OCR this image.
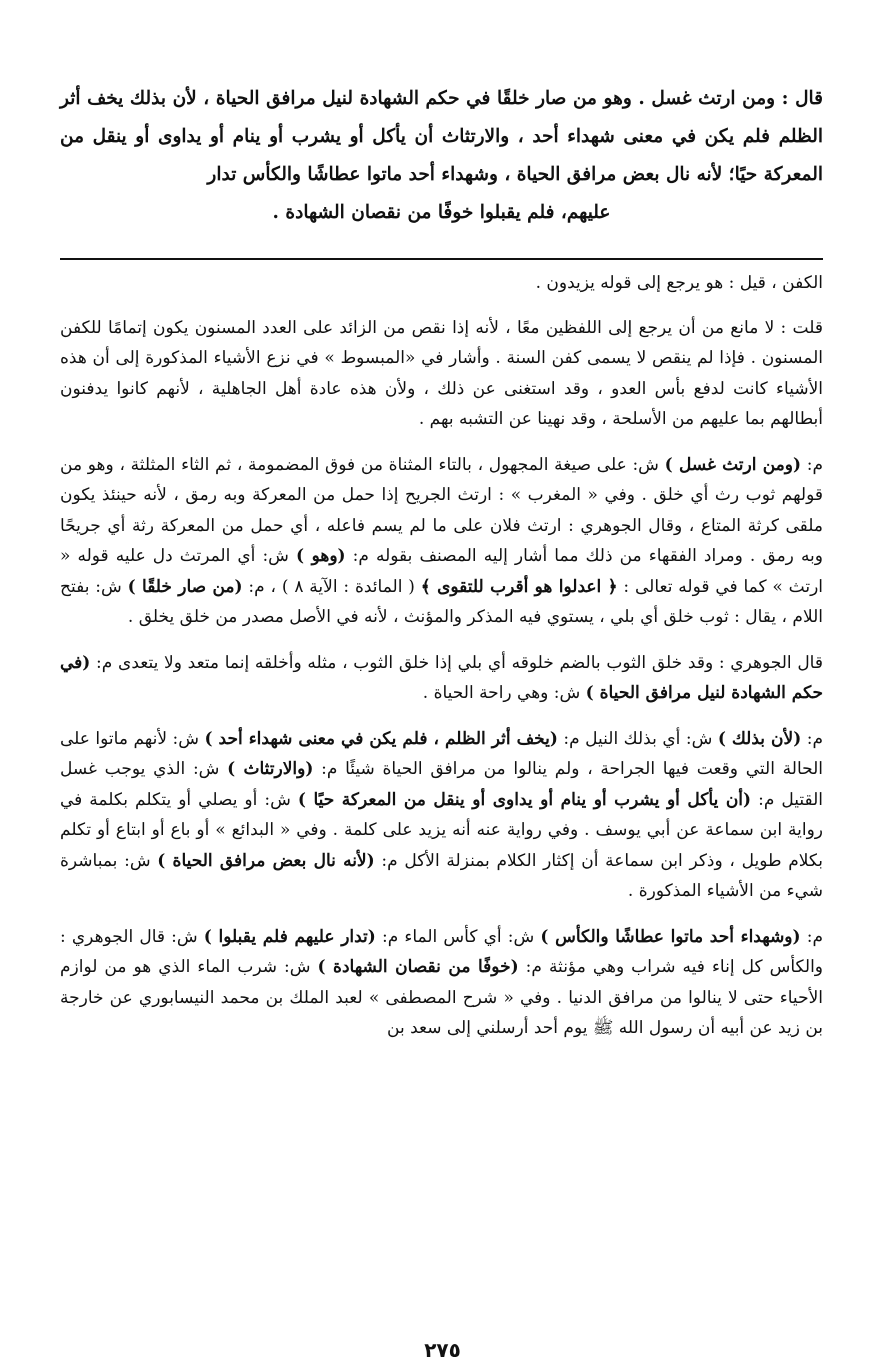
قال : ومن ارتث غسل . وهو من صار خلقًا في حكم الشهادة لنيل مرافق الحياة ، لأن بذلك يخف أثر الظلم فلم يكن في معنى شهداء أحد ، والارتثاث أن يأكل أو يشرب أو ينام أو يداوى أو ينقل من المعركة حيًا؛ لأنه نال بعض مرافق الحياة ، وشهداء أحد ماتوا عطاشًا والكأس تدار
عليهم، فلم يقبلوا خوفًا من نقصان الشهادة .

الكفن ، قيل : هو يرجع إلى قوله يزيدون .

قلت : لا مانع من أن يرجع إلى اللفظين معًا ، لأنه إذا نقص من الزائد على العدد المسنون يكون إتمامًا للكفن المسنون . فإذا لم ينقص لا يسمى كفن السنة . وأشار في «المبسوط » في نزع الأشياء المذكورة إلى أن هذه الأشياء كانت لدفع بأس العدو ، وقد استغنى عن ذلك ، ولأن هذه عادة أهل الجاهلية ، لأنهم كانوا يدفنون أبطالهم بما عليهم من الأسلحة ، وقد نهينا عن التشبه بهم .

م: (ومن ارتث غسل ) ش: على صيغة المجهول ، بالتاء المثناة من فوق المضمومة ، ثم الثاء المثلثة ، وهو من قولهم ثوب رث أي خلق . وفي « المغرب » : ارتث الجريح إذا حمل من المعركة وبه رمق ، لأنه حينئذ يكون ملقى كرثة المتاع ، وقال الجوهري : ارتث فلان على ما لم يسم فاعله ، أي حمل من المعركة رثة أي جريحًا وبه رمق . ومراد الفقهاء من ذلك مما أشار إليه المصنف بقوله م: (وهو ) ش: أي المرتث دل عليه قوله « ارتث » كما في قوله تعالى : ﴿ اعدلوا هو أقرب للتقوى ﴾ ( المائدة : الآية ٨ ) ، م: (من صار خلقًا ) ش: بفتح اللام ، يقال : ثوب خلق أي بلي ، يستوي فيه المذكر والمؤنث ، لأنه في الأصل مصدر من خلق يخلق .

قال الجوهري : وقد خلق الثوب بالضم خلوقه أي بلي إذا خلق الثوب ، مثله وأخلقه إنما متعد ولا يتعدى م: (في حكم الشهادة لنيل مرافق الحياة ) ش: وهي راحة الحياة .

م: (لأن بذلك ) ش: أي بذلك النيل م: (يخف أثر الظلم ، فلم يكن في معنى شهداء أحد ) ش: لأنهم ماتوا على الحالة التي وقعت فيها الجراحة ، ولم ينالوا من مرافق الحياة شيئًا م: (والارتثاث ) ش: الذي يوجب غسل القتيل م: (أن يأكل أو يشرب أو ينام أو يداوى أو ينقل من المعركة حيًا ) ش: أو يصلي أو يتكلم بكلمة في رواية ابن سماعة عن أبي يوسف . وفي رواية عنه أنه يزيد على كلمة . وفي « البدائع » أو باع أو ابتاع أو تكلم بكلام طويل ، وذكر ابن سماعة أن إكثار الكلام بمنزلة الأكل م: (لأنه نال بعض مرافق الحياة ) ش: بمباشرة شيء من الأشياء المذكورة .

م: (وشهداء أحد ماتوا عطاشًا والكأس ) ش: أي كأس الماء م: (تدار عليهم فلم يقبلوا ) ش: قال الجوهري : والكأس كل إناء فيه شراب وهي مؤنثة م: (خوفًا من نقصان الشهادة ) ش: شرب الماء الذي هو من لوازم الأحياء حتى لا ينالوا من مرافق الدنيا . وفي « شرح المصطفى » لعبد الملك بن محمد النيسابوري عن خارجة بن زيد عن أبيه أن رسول الله ﷺ يوم أحد أرسلني إلى سعد بن

٢٧٥
